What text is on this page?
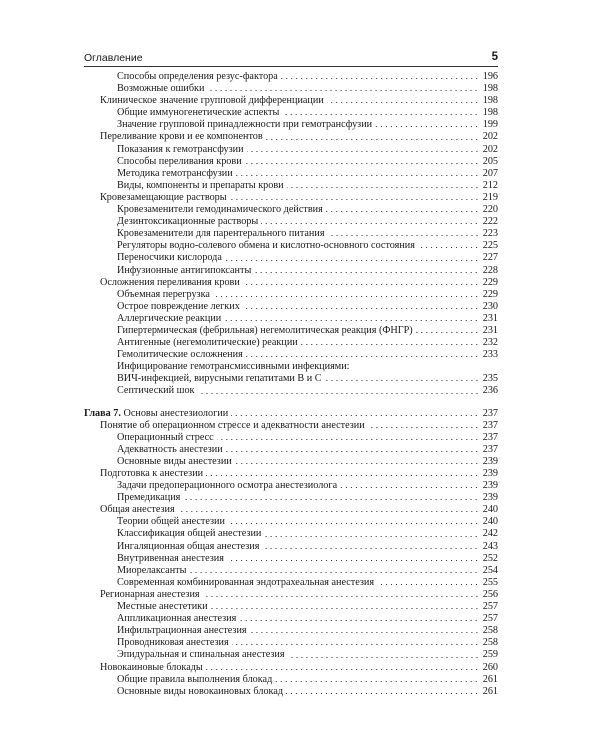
Оглавление	5
Способы определения резус-фактора	196
Возможные ошибки	198
Клиническое значение групповой дифференциации	198
Общие иммуногенетические аспекты	198
Значение групповой принадлежности при гемотрансфузии	199
Переливание крови и ее компонентов	202
Показания к гемотрансфузии	202
Способы переливания крови	205
Методика гемотрансфузии	207
Виды, компоненты и препараты крови	212
Кровезамещающие растворы	219
Кровезаменители гемодинамического действия	220
Дезинтоксикационные растворы	222
Кровезаменители для парентерального питания	223
Регуляторы водно-солевого обмена и кислотно-основного состояния	225
Переносчики кислорода	227
Инфузионные антигипоксанты	228
Осложнения переливания крови	229
Объемная перегрузка	229
Острое повреждение легких	230
Аллергические реакции	231
Гипертермическая (фебрильная) негемолитическая реакция (ФНГР)	231
Антигенные (негемолитические) реакции	232
Гемолитические осложнения	233
Инфицирование гемотрансмиссивными инфекциями:
ВИЧ-инфекцией, вирусными гепатитами В и С	235
Септический шок	236
Глава 7. Основы анестезиологии	237
Понятие об операционном стрессе и адекватности анестезии	237
Операционный стресс	237
Адекватность анестезии	237
Основные виды анестезии	239
Подготовка к анестезии	239
Задачи предоперационного осмотра анестезиолога	239
Премедикация	239
Общая анестезия	240
Теории общей анестезии	240
Классификация общей анестезии	242
Ингаляционная общая анестезия	243
Внутривенная анестезия	252
Миорелаксанты	254
Современная комбинированная эндотрахеальная анестезия	255
Регионарная анестезия	256
Местные анестетики	257
Аппликационная анестезия	257
Инфильтрационная анестезия	258
Проводниковая анестезия	258
Эпидуральная и спинальная анестезия	259
Новокаиновые блокады	260
Общие правила выполнения блокад	261
Основные виды новокаиновых блокад	261
